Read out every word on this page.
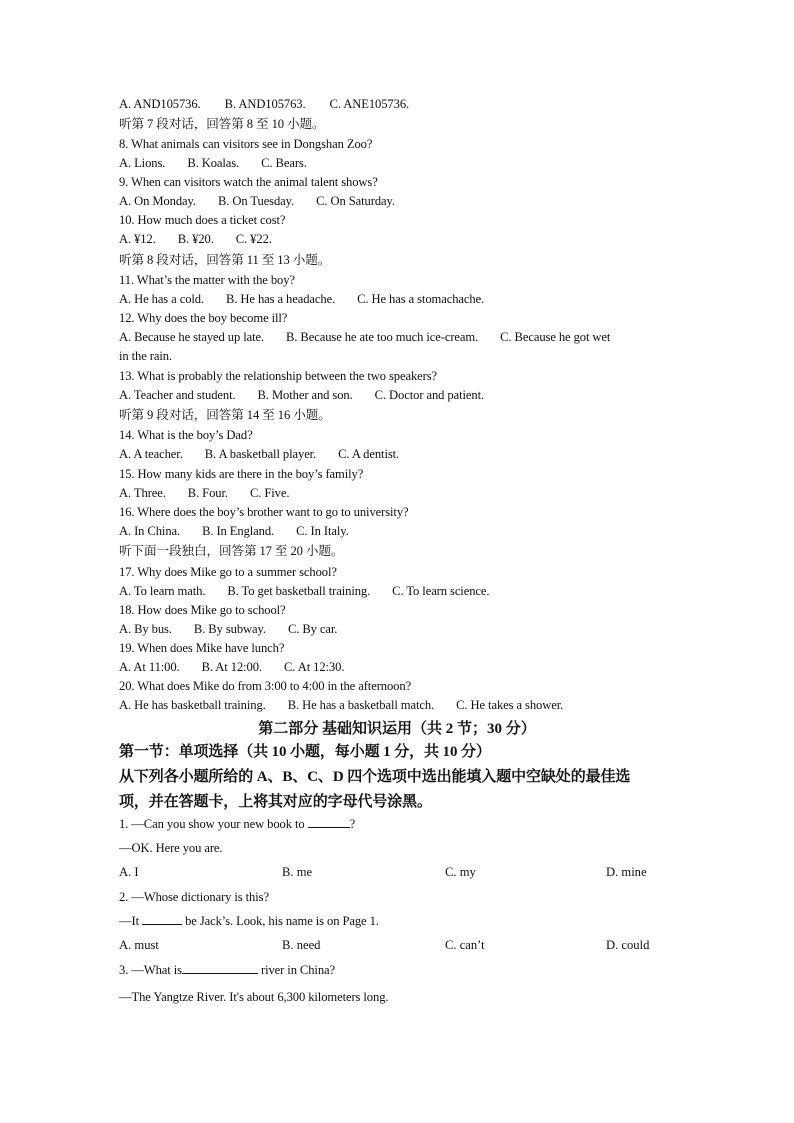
A. AND105736. B. AND105763. C. ANE105736.
听第 7 段对话，回答第 8 至 10 小题。
8. What animals can visitors see in Dongshan Zoo?
A. Lions. B. Koalas. C. Bears.
9. When can visitors watch the animal talent shows?
A. On Monday. B. On Tuesday. C. On Saturday.
10. How much does a ticket cost?
A. ¥12. B. ¥20. C. ¥22.
听第 8 段对话，回答第 11 至 13 小题。
11. What’s the matter with the boy?
A. He has a cold. B. He has a headache. C. He has a stomachache.
12. Why does the boy become ill?
A. Because he stayed up late. B. Because he ate too much ice-cream. C. Because he got wet
in the rain.
13. What is probably the relationship between the two speakers?
A. Teacher and student. B. Mother and son. C. Doctor and patient.
听第 9 段对话，回答第 14 至 16 小题。
14. What is the boy’s Dad?
A. A teacher. B. A basketball player. C. A dentist.
15. How many kids are there in the boy’s family?
A. Three. B. Four. C. Five.
16. Where does the boy’s brother want to go to university?
A. In China. B. In England. C. In Italy.
听下面一段独白，回答第 17 至 20 小题。
17. Why does Mike go to a summer school?
A. To learn math. B. To get basketball training. C. To learn science.
18. How does Mike go to school?
A. By bus. B. By subway. C. By car.
19. When does Mike have lunch?
A. At 11:00. B. At 12:00. C. At 12:30.
20. What does Mike do from 3:00 to 4:00 in the afternoon?
A. He has basketball training. B. He has a basketball match. C. He takes a shower.
第二部分 基础知识运用（共 2 节；30 分）
第一节：单项选择（共 10 小题，每小题 1 分，共 10 分）
从下列各小题所给的 A、B、C、D 四个选项中选出能填入题中空缺处的最佳选
项，并在答题卡，上将其对应的字母代号涂黑。
1. —Can you show your new book to	?
—OK. Here you are.
A. I	B. me	C. my	D. mine
2. —Whose dictionary is this?
—It	be Jack’s. Look, his name is on Page 1.
A. must	B. need	C. can’t	D. could
3. —What is	river in China?
—The Yangtze River. It's about 6,300 kilometers long.
